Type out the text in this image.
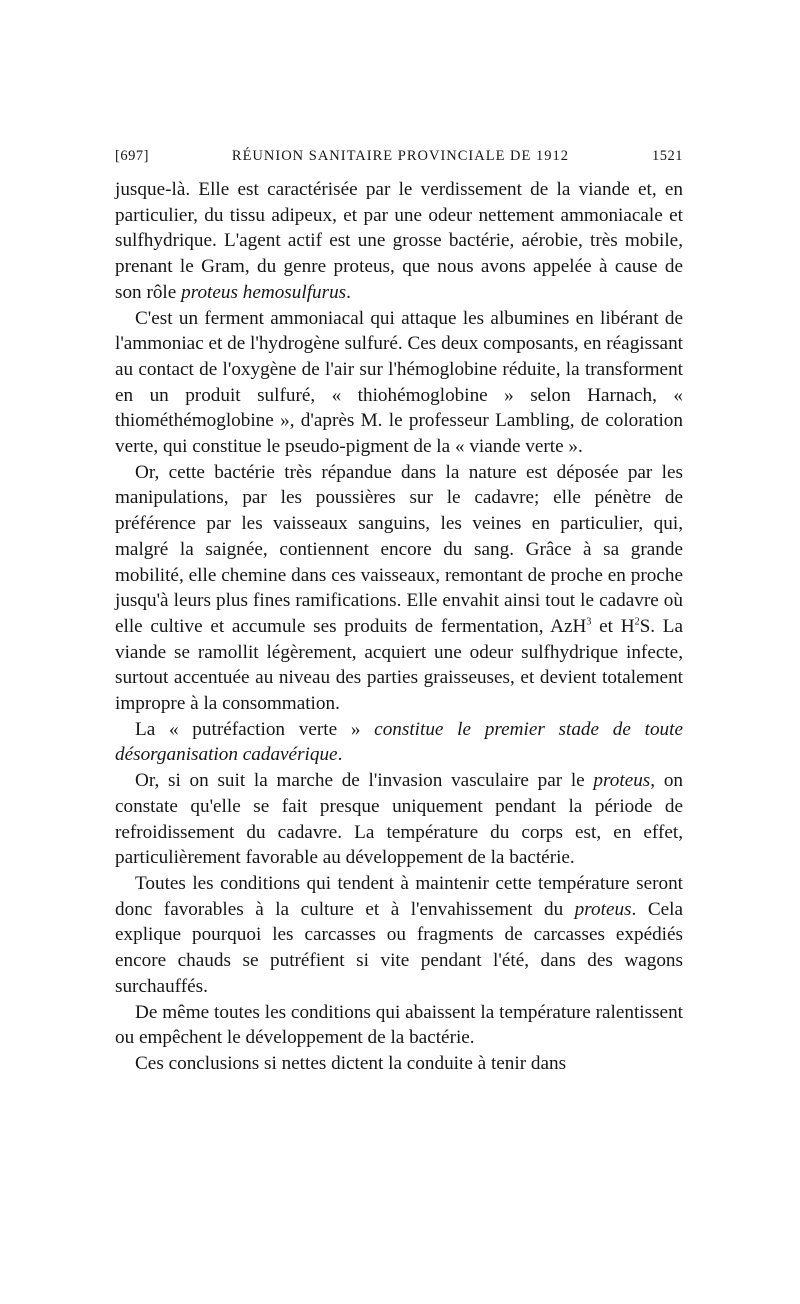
[697]	RÉUNION SANITAIRE PROVINCIALE DE 1912	1521

jusque-là. Elle est caractérisée par le verdissement de la viande et, en particulier, du tissu adipeux, et par une odeur nettement ammoniacale et sulfhydrique. L'agent actif est une grosse bactérie, aérobie, très mobile, prenant le Gram, du genre proteus, que nous avons appelée à cause de son rôle proteus hemosulfurus.

C'est un ferment ammoniacal qui attaque les albumines en libérant de l'ammoniac et de l'hydrogène sulfuré. Ces deux composants, en réagissant au contact de l'oxygène de l'air sur l'hémoglobine réduite, la transforment en un produit sulfuré, « thiohémoglobine » selon Harnach, « thiométhémoglobine », d'après M. le professeur Lambling, de coloration verte, qui constitue le pseudo-pigment de la « viande verte ».

Or, cette bactérie très répandue dans la nature est déposée par les manipulations, par les poussières sur le cadavre; elle pénètre de préférence par les vaisseaux sanguins, les veines en particulier, qui, malgré la saignée, contiennent encore du sang. Grâce à sa grande mobilité, elle chemine dans ces vaisseaux, remontant de proche en proche jusqu'à leurs plus fines ramifications. Elle envahit ainsi tout le cadavre où elle cultive et accumule ses produits de fermentation, AzH$^3$ et $H^2S$. La viande se ramollit légèrement, acquiert une odeur sulfhydrique infecte, surtout accentuée au niveau des parties graisseuses, et devient totalement impropre à la consommation.

La « putréfaction verte » constitue le premier stade de toute désorganisation cadavérique.

Or, si on suit la marche de l'invasion vasculaire par le proteus, on constate qu'elle se fait presque uniquement pendant la période de refroidissement du cadavre. La température du corps est, en effet, particulièrement favorable au développement de la bactérie.

Toutes les conditions qui tendent à maintenir cette température seront donc favorables à la culture et à l'envahissement du proteus. Cela explique pourquoi les carcasses ou fragments de carcasses expédiés encore chauds se putréfient si vite pendant l'été, dans des wagons surchauffés.

De même toutes les conditions qui abaissent la température ralentissent ou empêchent le développement de la bactérie.

Ces conclusions si nettes dictent la conduite à tenir dans
